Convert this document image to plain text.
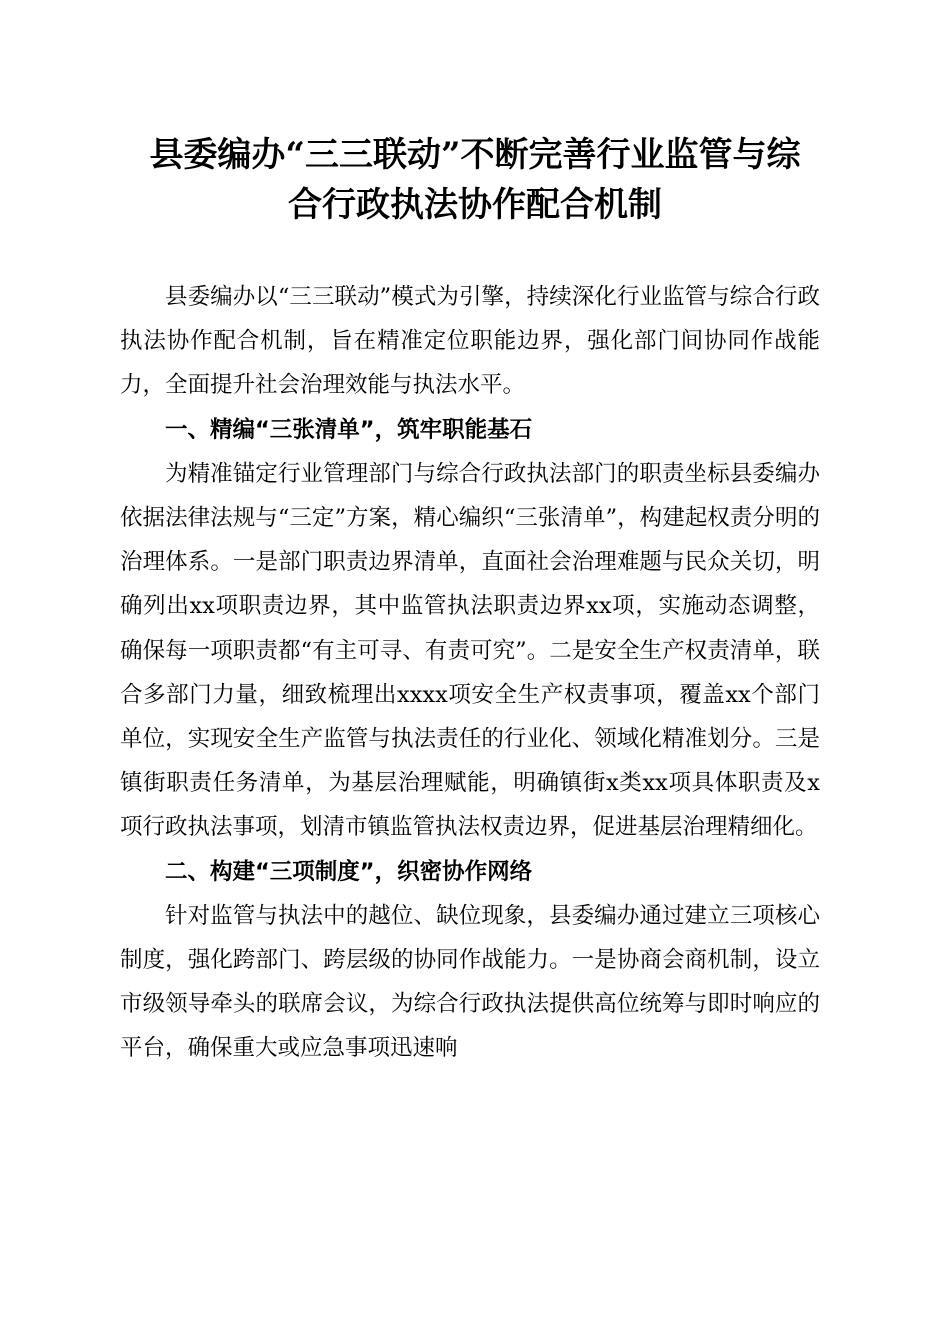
县委编办“三三联动”不断完善行业监管与综
合行政执法协作配合机制

县委编办以“三三联动”模式为引擎，持续深化行业监管与综合行政执法协作配合机制，旨在精准定位职能边界，强化部门间协同作战能力，全面提升社会治理效能与执法水平。

一、精编“三张清单”，筑牢职能基石

为精准锚定行业管理部门与综合行政执法部门的职责坐标县委编办依据法律法规与“三定”方案，精心编织“三张清单”，构建起权责分明的治理体系。一是部门职责边界清单，直面社会治理难题与民众关切，明确列出xx项职责边界，其中监管执法职责边界xx项，实施动态调整，确保每一项职责都“有主可寻、有责可究”。二是安全生产权责清单，联合多部门力量，细致梳理出xxxx项安全生产权责事项，覆盖xx个部门单位，实现安全生产监管与执法责任的行业化、领域化精准划分。三是镇街职责任务清单，为基层治理赋能，明确镇街x类xx项具体职责及x项行政执法事项，划清市镇监管执法权责边界，促进基层治理精细化。

二、构建“三项制度”，织密协作网络

针对监管与执法中的越位、缺位现象，县委编办通过建立三项核心制度，强化跨部门、跨层级的协同作战能力。一是协商会商机制，设立市级领导牵头的联席会议，为综合行政执法提供高位统筹与即时响应的平台，确保重大或应急事项迅速响
